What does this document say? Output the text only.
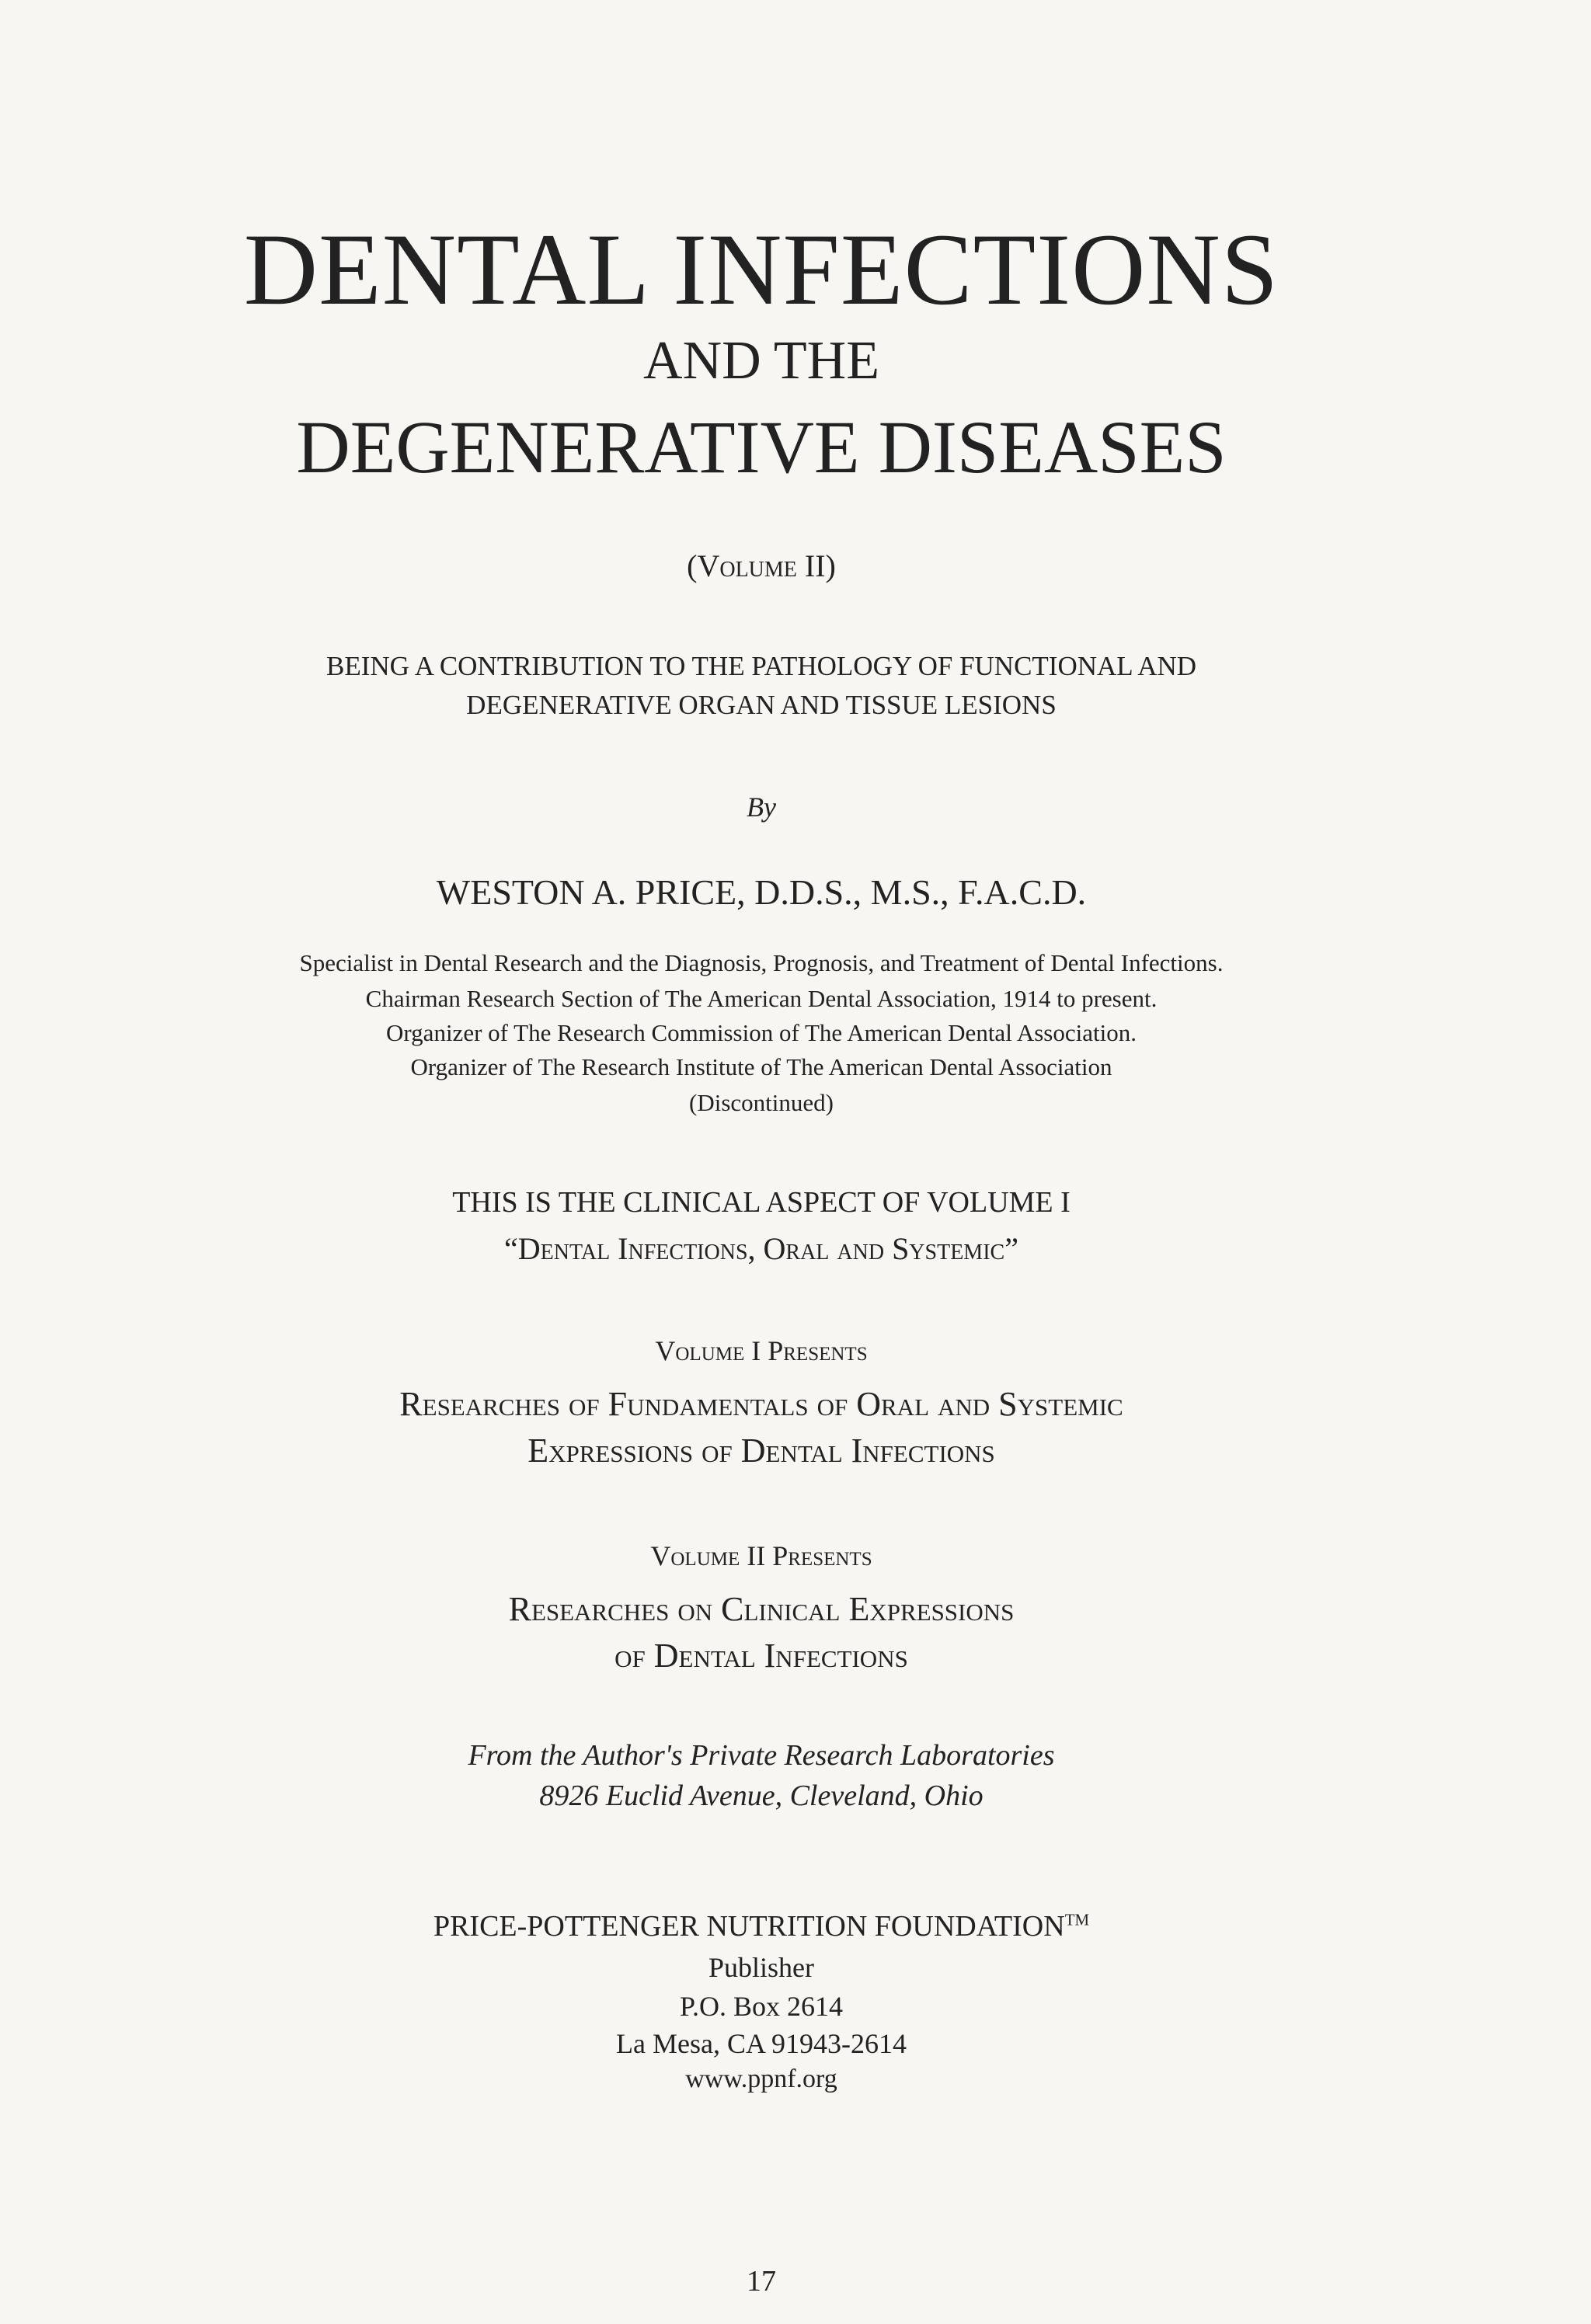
DENTAL INFECTIONS
AND THE
DEGENERATIVE DISEASES
(Volume II)
BEING A CONTRIBUTION TO THE PATHOLOGY OF FUNCTIONAL AND
DEGENERATIVE ORGAN AND TISSUE LESIONS
By
WESTON A. PRICE, D.D.S., M.S., F.A.C.D.
Specialist in Dental Research and the Diagnosis, Prognosis, and Treatment of Dental Infections.
Chairman Research Section of The American Dental Association, 1914 to present.
Organizer of The Research Commission of The American Dental Association.
Organizer of The Research Institute of The American Dental Association
(Discontinued)
THIS IS THE CLINICAL ASPECT OF VOLUME I
“Dental Infections, Oral and Systemic”
Volume I Presents
Researches of Fundamentals of Oral and Systemic
Expressions of Dental Infections
Volume II Presents
Researches on Clinical Expressions
of Dental Infections
From the Author's Private Research Laboratories
8926 Euclid Avenue, Cleveland, Ohio
PRICE-POTTENGER NUTRITION FOUNDATION™
Publisher
P.O. Box 2614
La Mesa, CA 91943-2614
www.ppnf.org
17
